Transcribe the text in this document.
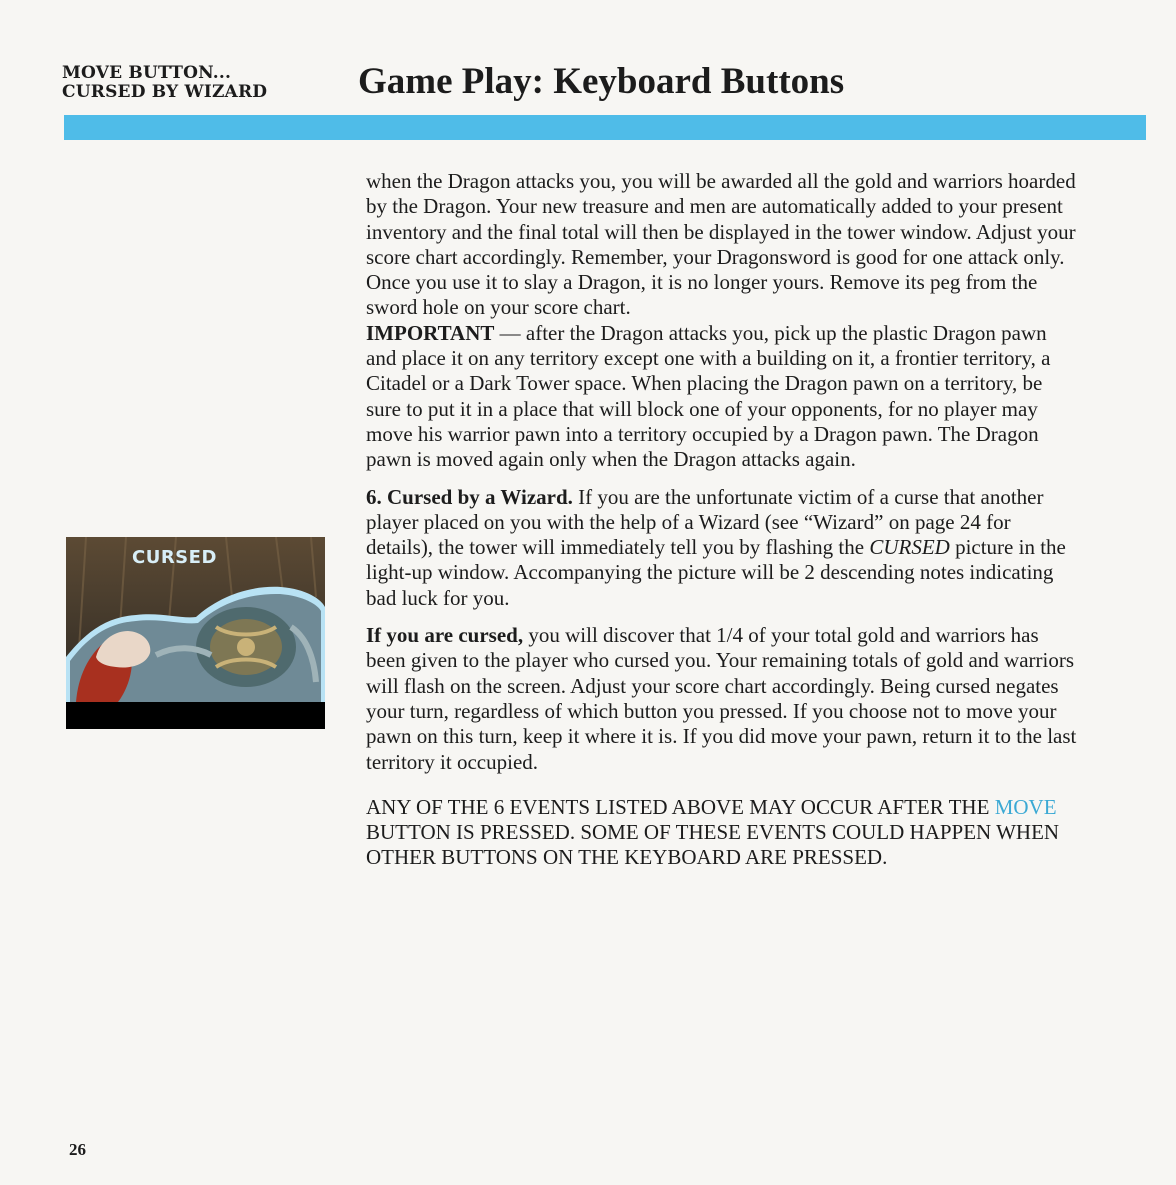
MOVE BUTTON...
CURSED BY WIZARD Game Play: Keyboard Buttons
CURSED

when the Dragon attacks you, you will be awarded all the gold and warriors hoarded by the Dragon. Your new treasure and men are automatically added to your present inventory and the final total will then be displayed in the tower window. Adjust your score chart accordingly. Remember, your Dragonsword is good for one attack only. Once you use it to slay a Dragon, it is no longer yours. Remove its peg from the sword hole on your score chart.

IMPORTANT — after the Dragon attacks you, pick up the plastic Dragon pawn and place it on any territory except one with a building on it, a frontier territory, a Citadel or a Dark Tower space. When placing the Dragon pawn on a territory, be sure to put it in a place that will block one of your opponents, for no player may move his warrior pawn into a territory occupied by a Dragon pawn. The Dragon pawn is moved again only when the Dragon attacks again.

6. Cursed by a Wizard. If you are the unfortunate victim of a curse that another player placed on you with the help of a Wizard (see “Wizard” on page 24 for details), the tower will immediately tell you by flashing the CURSED picture in the light-up window. Accompanying the picture will be 2 descending notes indicating bad luck for you.

If you are cursed, you will discover that 1/4 of your total gold and warriors has been given to the player who cursed you. Your remaining totals of gold and warriors will flash on the screen. Adjust your score chart accordingly. Being cursed negates your turn, regardless of which button you pressed. If you choose not to move your pawn on this turn, keep it where it is. If you did move your pawn, return it to the last territory it occupied.

ANY OF THE 6 EVENTS LISTED ABOVE MAY OCCUR AFTER THE MOVE BUTTON IS PRESSED. SOME OF THESE EVENTS COULD HAPPEN WHEN OTHER BUTTONS ON THE KEYBOARD ARE PRESSED.

26
